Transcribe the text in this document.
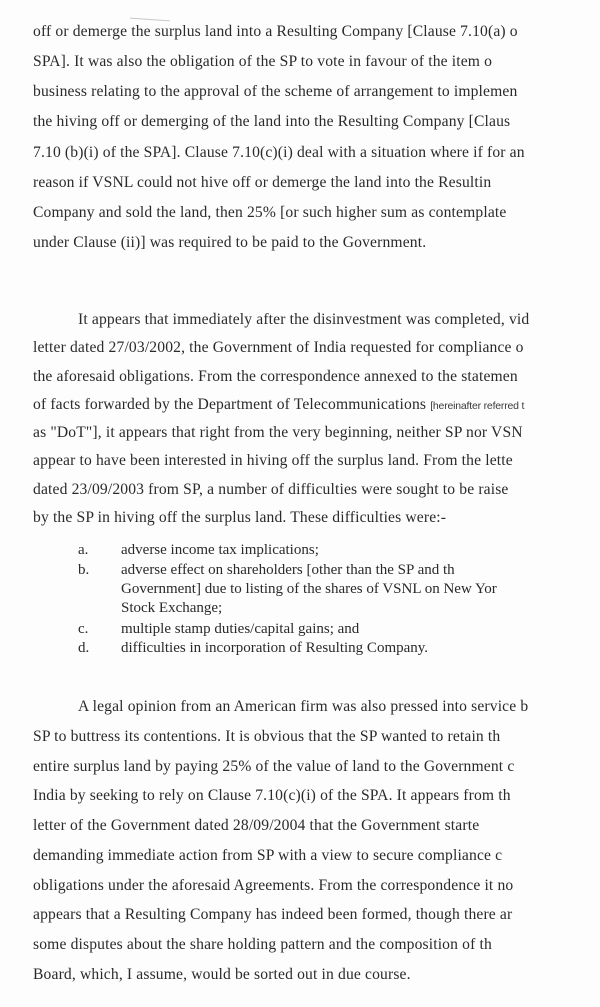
off or demerge the surplus land into a Resulting Company [Clause 7.10(a) o
SPA]. It was also the obligation of the SP to vote in favour of the item o
business relating to the approval of the scheme of arrangement to implemen
the hiving off or demerging of the land into the Resulting Company [Claus
7.10 (b)(i) of the SPA]. Clause 7.10(c)(i) deal with a situation where if for an
reason if VSNL could not hive off or demerge the land into the Resultin
Company and sold the land, then 25% [or such higher sum as contemplate
under Clause (ii)] was required to be paid to the Government.
It appears that immediately after the disinvestment was completed, vid
letter dated 27/03/2002, the Government of India requested for compliance o
the aforesaid obligations. From the correspondence annexed to the statemen
of facts forwarded by the Department of Telecommunications [hereinafter referred t
as "DoT"], it appears that right from the very beginning, neither SP nor VSN
appear to have been interested in hiving off the surplus land. From the lette
dated 23/09/2003 from SP, a number of difficulties were sought to be raise
by the SP in hiving off the surplus land. These difficulties were:-
a. adverse income tax implications;
b. adverse effect on shareholders [other than the SP and th
Government] due to listing of the shares of VSNL on New Yor
Stock Exchange;
c. multiple stamp duties/capital gains; and
d. difficulties in incorporation of Resulting Company.
A legal opinion from an American firm was also pressed into service b
SP to buttress its contentions. It is obvious that the SP wanted to retain th
entire surplus land by paying 25% of the value of land to the Government c
India by seeking to rely on Clause 7.10(c)(i) of the SPA. It appears from th
letter of the Government dated 28/09/2004 that the Government starte
demanding immediate action from SP with a view to secure compliance c
obligations under the aforesaid Agreements. From the correspondence it no
appears that a Resulting Company has indeed been formed, though there ar
some disputes about the share holding pattern and the composition of th
Board, which, I assume, would be sorted out in due course.
